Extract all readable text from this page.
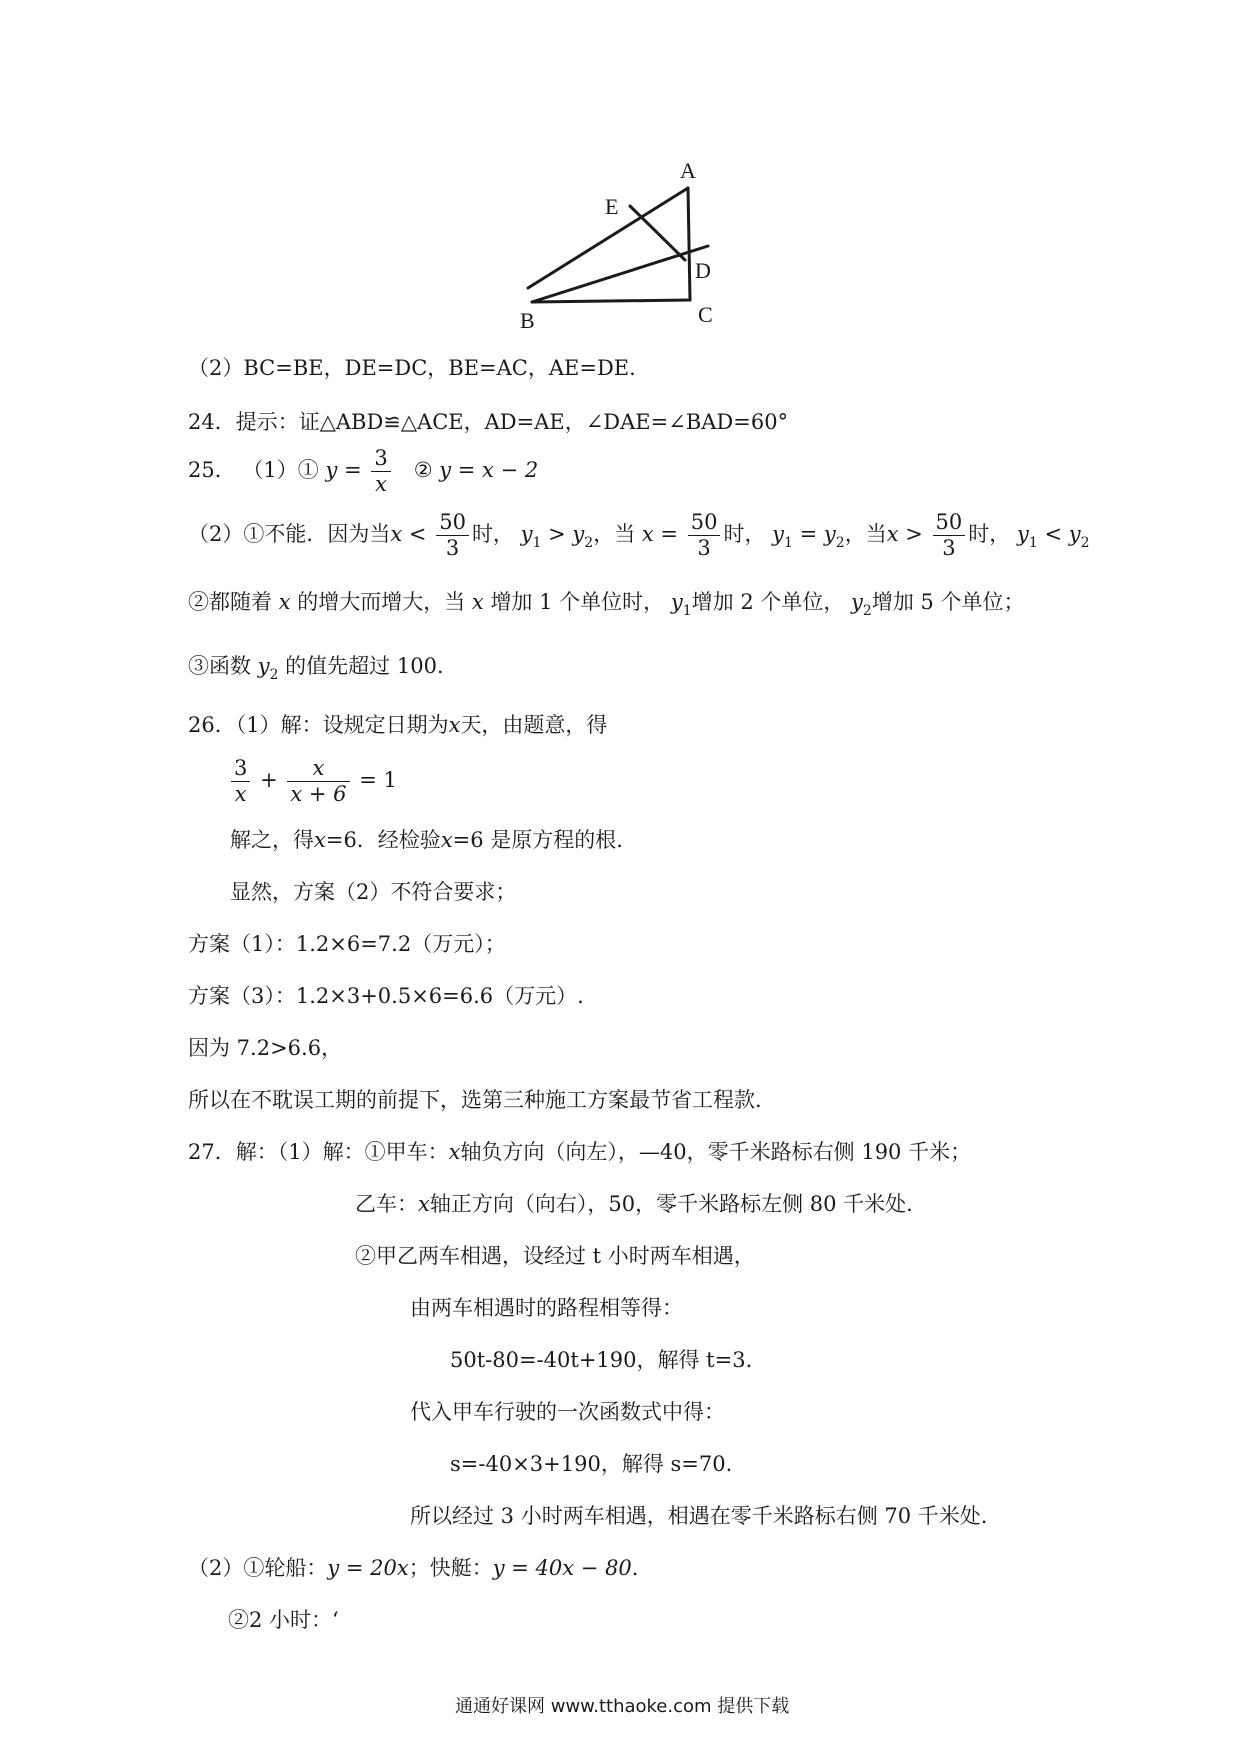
A
E
D
C
B
（2）BC=BE，DE=DC，BE=AC，AE=DE.
24．提示：证△ABD≌△ACE，AD=AE，∠DAE=∠BAD=60°
25． （1）① $y = \frac{3}{x}$ ② y = x − 2
（2）①不能．因为当$x < \frac{50}{3}$ 时， $y_1 > y_2$，当 $x = \frac{50}{3}$ 时， $y_1 = y_2$，当$x > \frac{50}{3}$ 时， $y_1 < y_2$
②都随着 x 的增大而增大，当 x 增加 1 个单位时， $y_1$增加 2 个单位， $y_2$增加 5 个单位；
③函数 $y_2$ 的值先超过 100.
26．（1）解：设规定日期为x天，由题意，得
$\frac{3}{x} + \frac{x}{x + 6} = 1$
解之，得x=6．经检验x=6 是原方程的根.
显然，方案（2）不符合要求；
方案（1）：1.2×6=7.2（万元）；
方案（3）：1.2×3+0.5×6=6.6（万元）.
因为 7.2>6.6，
所以在不耽误工期的前提下，选第三种施工方案最节省工程款.
27．解：（1）解：①甲车：x轴负方向（向左），—40，零千米路标右侧 190 千米；
乙车：x轴正方向（向右），50，零千米路标左侧 80 千米处.
②甲乙两车相遇，设经过 t 小时两车相遇，
由两车相遇时的路程相等得：
50t-80=-40t+190，解得 t=3.
代入甲车行驶的一次函数式中得：
s=-40×3+190，解得 s=70.
所以经过 3 小时两车相遇，相遇在零千米路标右侧 70 千米处.
（2）①轮船：y = 20x；快艇：y = 40x − 80.
②2 小时：‘
通通好课网 www.tthaoke.com 提供下载
